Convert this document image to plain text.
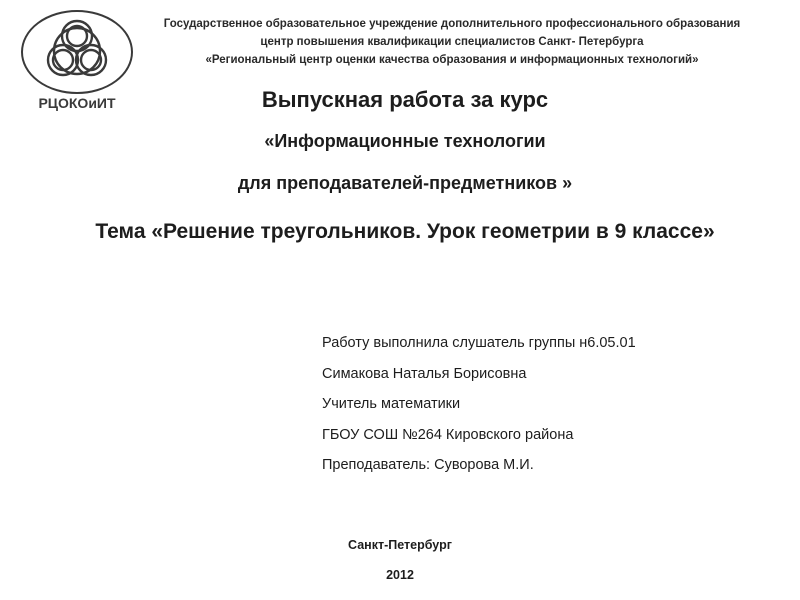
РЦОКОиИТ
Государственное образовательное учреждение дополнительного профессионального образования
центр повышения квалификации специалистов Санкт- Петербурга
«Региональный центр оценки качества образования и информационных технологий»
Выпускная работа за курс
«Информационные технологии
для преподавателей-предметников »
Тема «Решение треугольников. Урок геометрии в 9 классе»
Работу выполнила слушатель группы н6.05.01
Симакова Наталья Борисовна
Учитель математики
ГБОУ СОШ №264 Кировского района
Преподаватель: Суворова М.И.
Санкт-Петербург
2012
